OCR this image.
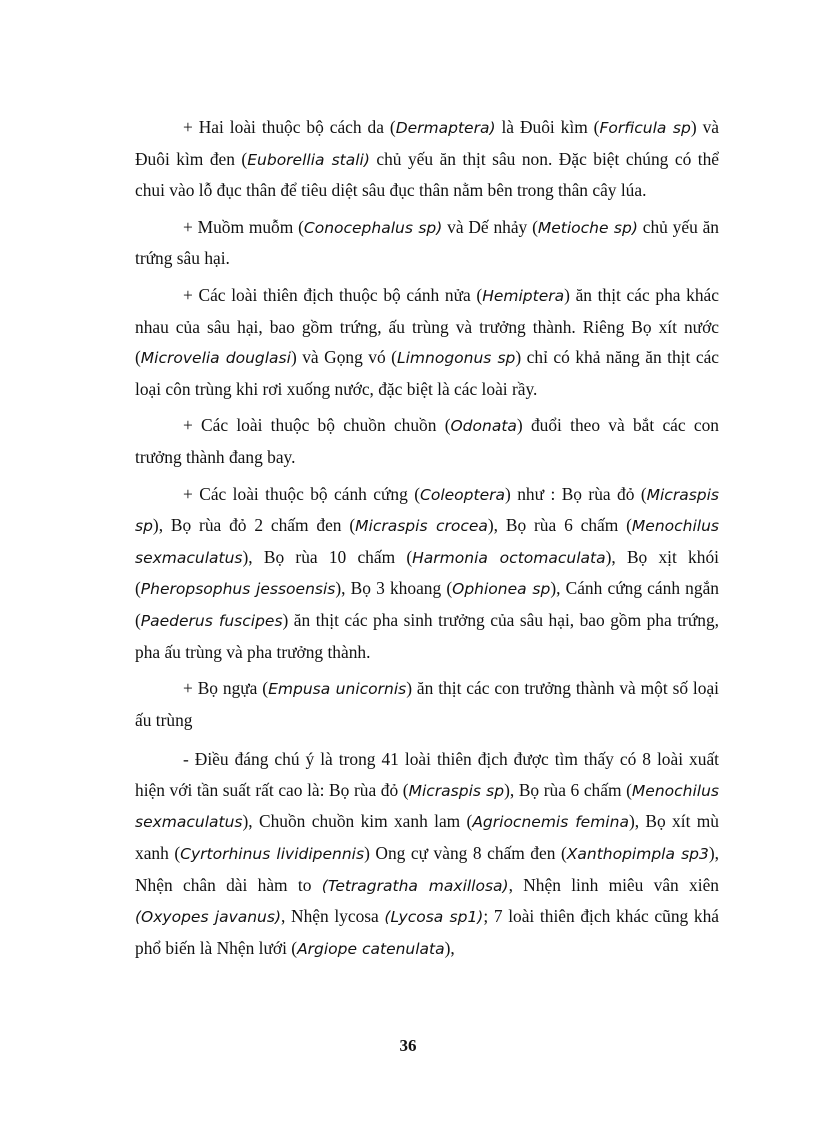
+ Hai loài thuộc bộ cách da (Dermaptera) là Đuôi kìm (Forficula sp) và Đuôi kìm đen (Euborellia stali) chủ yếu ăn thịt sâu non. Đặc biệt chúng có thể chui vào lỗ đục thân để tiêu diệt sâu đục thân nằm bên trong thân cây lúa.

+ Muồm muỗm (Conocephalus sp) và Dế nhảy (Metioche sp) chủ yếu ăn trứng sâu hại.

+ Các loài thiên địch thuộc bộ cánh nửa (Hemiptera) ăn thịt các pha khác nhau của sâu hại, bao gồm trứng, ấu trùng và trưởng thành. Riêng Bọ xít nước (Microvelia douglasi) và Gọng vó (Limnogonus sp) chỉ có khả năng ăn thịt các loại côn trùng khi rơi xuống nước, đặc biệt là các loài rầy.

+ Các loài thuộc bộ chuồn chuồn (Odonata) đuổi theo và bắt các con trưởng thành đang bay.

+ Các loài thuộc bộ cánh cứng (Coleoptera) như : Bọ rùa đỏ (Micraspis sp), Bọ rùa đỏ 2 chấm đen (Micraspis crocea), Bọ rùa 6 chấm (Menochilus sexmaculatus), Bọ rùa 10 chấm (Harmonia octomaculata), Bọ xịt khói (Pheropsophus jessoensis), Bọ 3 khoang (Ophionea sp), Cánh cứng cánh ngắn (Paederus fuscipes) ăn thịt các pha sinh trưởng của sâu hại, bao gồm pha trứng, pha ấu trùng và pha trưởng thành.

+ Bọ ngựa (Empusa unicornis) ăn thịt các con trưởng thành và một số loại ấu trùng

- Điều đáng chú ý là trong 41 loài thiên địch được tìm thấy có 8 loài xuất hiện với tần suất rất cao là: Bọ rùa đỏ (Micraspis sp), Bọ rùa 6 chấm (Menochilus sexmaculatus), Chuồn chuồn kim xanh lam (Agriocnemis femina), Bọ xít mù xanh (Cyrtorhinus lividipennis) Ong cự vàng 8 chấm đen (Xanthopimpla sp3), Nhện chân dài hàm to (Tetragratha maxillosa), Nhện linh miêu vân xiên (Oxyopes javanus), Nhện lycosa (Lycosa sp1); 7 loài thiên địch khác cũng khá phổ biến là Nhện lưới (Argiope catenulata),

36
